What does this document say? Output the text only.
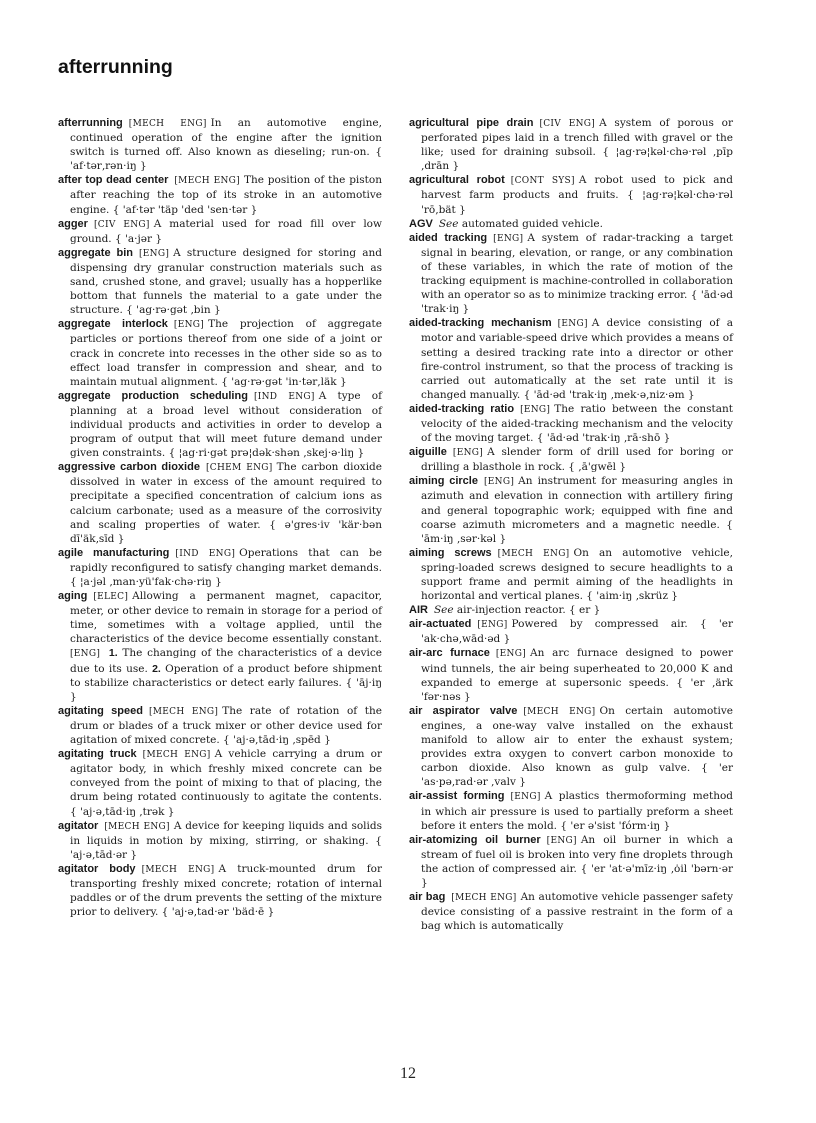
afterrunning

afterrunning [MECH ENG] In an automotive engine, continued operation of the engine after the ignition switch is turned off. Also known as dieseling; run-on. { 'af·tər‚rən·iŋ }

after top dead center [MECH ENG] The position of the piston after reaching the top of its stroke in an automotive engine. { 'af·tər 'täp 'ded 'sen·tər }

agger [CIV ENG] A material used for road fill over low ground. { 'a·jər }

aggregate bin [ENG] A structure designed for storing and dispensing dry granular construction materials such as sand, crushed stone, and gravel; usually has a hopperlike bottom that funnels the material to a gate under the structure. { 'ag·rə·gət ‚bin }

aggregate interlock [ENG] The projection of aggregate particles or portions thereof from one side of a joint or crack in concrete into recesses in the other side so as to effect load transfer in compression and shear, and to maintain mutual alignment. { 'ag·rə·gət 'in·tər‚läk }

aggregate production scheduling [IND ENG] A type of planning at a broad level without consideration of individual products and activities in order to develop a program of output that will meet future demand under given constraints. { ¦ag·ri·gət prə¦dək·shən ‚skej·ə·liŋ }

aggressive carbon dioxide [CHEM ENG] The carbon dioxide dissolved in water in excess of the amount required to precipitate a specified concentration of calcium ions as calcium carbonate; used as a measure of the corrosivity and scaling properties of water. { ə'gres·iv 'kär·bən dī'äk‚sīd }

agile manufacturing [IND ENG] Operations that can be rapidly reconfigured to satisfy changing market demands. { ¦a·jəl ‚man·yü'fak·chə·riŋ }

aging [ELEC] Allowing a permanent magnet, capacitor, meter, or other device to remain in storage for a period of time, sometimes with a voltage applied, until the characteristics of the device become essentially constant. [ENG] 1. The changing of the characteristics of a device due to its use. 2. Operation of a product before shipment to stabilize characteristics or detect early failures. { 'āj·iŋ }

agitating speed [MECH ENG] The rate of rotation of the drum or blades of a truck mixer or other device used for agitation of mixed concrete. { 'aj·ə‚tād·iŋ ‚spēd }

agitating truck [MECH ENG] A vehicle carrying a drum or agitator body, in which freshly mixed concrete can be conveyed from the point of mixing to that of placing, the drum being rotated continuously to agitate the contents. { 'aj·ə‚tād·iŋ ‚trək }

agitator [MECH ENG] A device for keeping liquids and solids in liquids in motion by mixing, stirring, or shaking. { 'aj·ə‚tād·ər }

agitator body [MECH ENG] A truck-mounted drum for transporting freshly mixed concrete; rotation of internal paddles or of the drum prevents the setting of the mixture prior to delivery. { 'aj·ə‚tad·ər 'bäd·ē }

agricultural pipe drain [CIV ENG] A system of porous or perforated pipes laid in a trench filled with gravel or the like; used for draining subsoil. { ¦ag·rə¦kəl·chə·rəl ‚pīp ‚drān }

agricultural robot [CONT SYS] A robot used to pick and harvest farm products and fruits. { ¦ag·rə¦kəl·chə·rəl 'rō‚bät }

AGV See automated guided vehicle.

aided tracking [ENG] A system of radar-tracking a target signal in bearing, elevation, or range, or any combination of these variables, in which the rate of motion of the tracking equipment is machine-controlled in collaboration with an operator so as to minimize tracking error. { 'ād·əd 'trak·iŋ }

aided-tracking mechanism [ENG] A device consisting of a motor and variable-speed drive which provides a means of setting a desired tracking rate into a director or other fire-control instrument, so that the process of tracking is carried out automatically at the set rate until it is changed manually. { 'ād·əd 'trak·iŋ ‚mek·ə‚niz·əm }

aided-tracking ratio [ENG] The ratio between the constant velocity of the aided-tracking mechanism and the velocity of the moving target. { 'ād·əd 'trak·iŋ ‚rā·shō }

aiguille [ENG] A slender form of drill used for boring or drilling a blasthole in rock. { ‚ā'gwēl }

aiming circle [ENG] An instrument for measuring angles in azimuth and elevation in connection with artillery firing and general topographic work; equipped with fine and coarse azimuth micrometers and a magnetic needle. { 'ām·iŋ ‚sər·kəl }

aiming screws [MECH ENG] On an automotive vehicle, spring-loaded screws designed to secure headlights to a support frame and permit aiming of the headlights in horizontal and vertical planes. { 'aim·iŋ ‚skrüz }

AIR See air-injection reactor. { er }

air-actuated [ENG] Powered by compressed air. { 'er 'ak·chə‚wād·əd }

air-arc furnace [ENG] An arc furnace designed to power wind tunnels, the air being superheated to 20,000 K and expanded to emerge at supersonic speeds. { 'er ‚ärk 'fər·nəs }

air aspirator valve [MECH ENG] On certain automotive engines, a one-way valve installed on the exhaust manifold to allow air to enter the exhaust system; provides extra oxygen to convert carbon monoxide to carbon dioxide. Also known as gulp valve. { 'er 'as·pə‚rad·ər ‚valv }

air-assist forming [ENG] A plastics thermoforming method in which air pressure is used to partially preform a sheet before it enters the mold. { 'er ə'sist 'fórm·iŋ }

air-atomizing oil burner [ENG] An oil burner in which a stream of fuel oil is broken into very fine droplets through the action of compressed air. { 'er 'at·ə'mīz·iŋ ‚ȯil 'bərn·ər }

air bag [MECH ENG] An automotive vehicle passenger safety device consisting of a passive restraint in the form of a bag which is automatically

12
